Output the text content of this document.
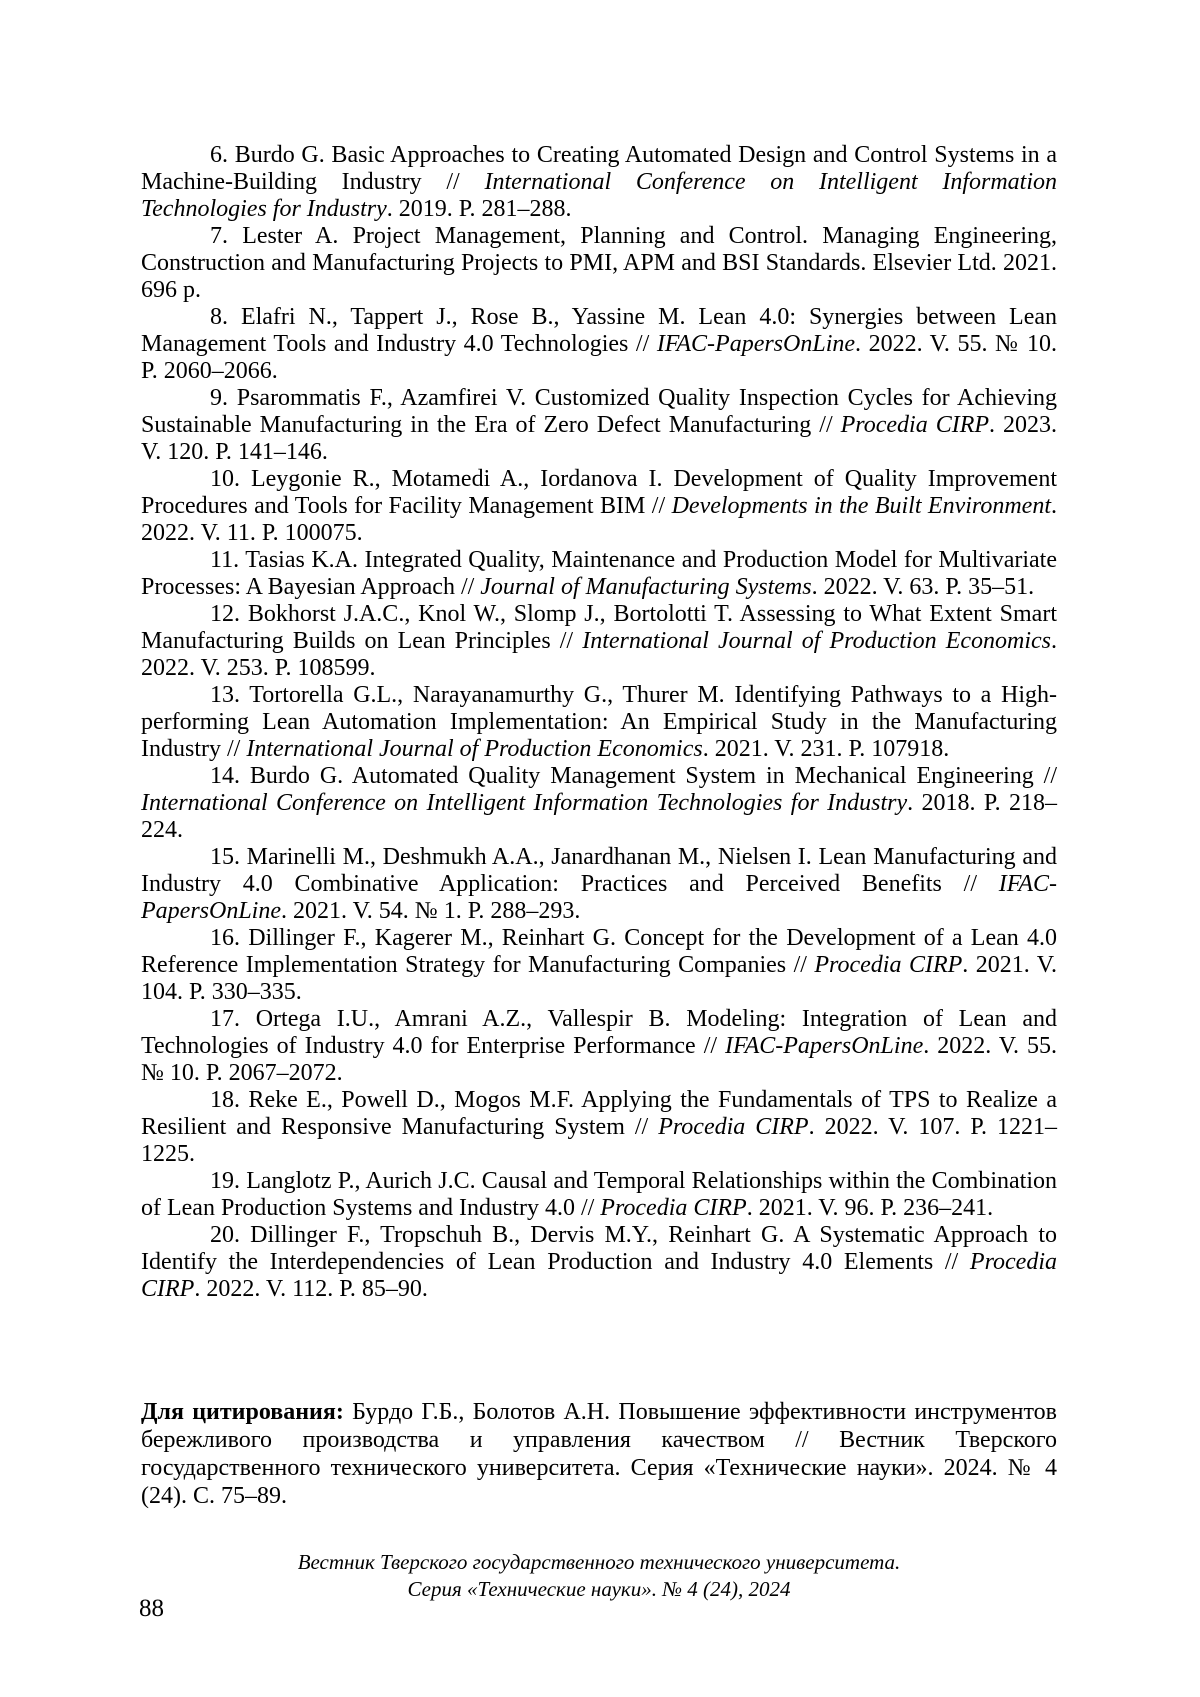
6. Burdo G. Basic Approaches to Creating Automated Design and Control Systems in a Machine-Building Industry // International Conference on Intelligent Information Technologies for Industry. 2019. P. 281–288.

7. Lester A. Project Management, Planning and Control. Managing Engineering, Construction and Manufacturing Projects to PMI, APM and BSI Standards. Elsevier Ltd. 2021. 696 p.

8. Elafri N., Tappert J., Rose B., Yassine M. Lean 4.0: Synergies between Lean Management Tools and Industry 4.0 Technologies // IFAC-PapersOnLine. 2022. V. 55. № 10. P. 2060–2066.

9. Psarommatis F., Azamfirei V. Customized Quality Inspection Cycles for Achieving Sustainable Manufacturing in the Era of Zero Defect Manufacturing // Procedia CIRP. 2023. V. 120. P. 141–146.

10. Leygonie R., Motamedi A., Iordanova I. Development of Quality Improvement Procedures and Tools for Facility Management BIM // Developments in the Built Environment. 2022. V. 11. P. 100075.

11. Tasias K.A. Integrated Quality, Maintenance and Production Model for Multivariate Processes: A Bayesian Approach // Journal of Manufacturing Systems. 2022. V. 63. P. 35–51.

12. Bokhorst J.A.C., Knol W., Slomp J., Bortolotti T. Assessing to What Extent Smart Manufacturing Builds on Lean Principles // International Journal of Production Economics. 2022. V. 253. P. 108599.

13. Tortorella G.L., Narayanamurthy G., Thurer M. Identifying Pathways to a High-performing Lean Automation Implementation: An Empirical Study in the Manufacturing Industry // International Journal of Production Economics. 2021. V. 231. P. 107918.

14. Burdo G. Automated Quality Management System in Mechanical Engineering // International Conference on Intelligent Information Technologies for Industry. 2018. P. 218–224.

15. Marinelli M., Deshmukh A.A., Janardhanan M., Nielsen I. Lean Manufacturing and Industry 4.0 Combinative Application: Practices and Perceived Benefits // IFAC-PapersOnLine. 2021. V. 54. № 1. P. 288–293.

16. Dillinger F., Kagerer M., Reinhart G. Concept for the Development of a Lean 4.0 Reference Implementation Strategy for Manufacturing Companies // Procedia CIRP. 2021. V. 104. P. 330–335.

17. Ortega I.U., Amrani A.Z., Vallespir B. Modeling: Integration of Lean and Technologies of Industry 4.0 for Enterprise Performance // IFAC-PapersOnLine. 2022. V. 55. № 10. P. 2067–2072.

18. Reke E., Powell D., Mogos M.F. Applying the Fundamentals of TPS to Realize a Resilient and Responsive Manufacturing System // Procedia CIRP. 2022. V. 107. P. 1221–1225.

19. Langlotz P., Aurich J.C. Causal and Temporal Relationships within the Combination of Lean Production Systems and Industry 4.0 // Procedia CIRP. 2021. V. 96. P. 236–241.

20. Dillinger F., Tropschuh B., Dervis M.Y., Reinhart G. A Systematic Approach to Identify the Interdependencies of Lean Production and Industry 4.0 Elements // Procedia CIRP. 2022. V. 112. P. 85–90.

Для цитирования: Бурдо Г.Б., Болотов А.Н. Повышение эффективности инструментов бережливого производства и управления качеством // Вестник Тверского государственного технического университета. Серия «Технические науки». 2024. № 4 (24). С. 75–89.

Вестник Тверского государственного технического университета.
Серия «Технические науки». № 4 (24), 2024
88
